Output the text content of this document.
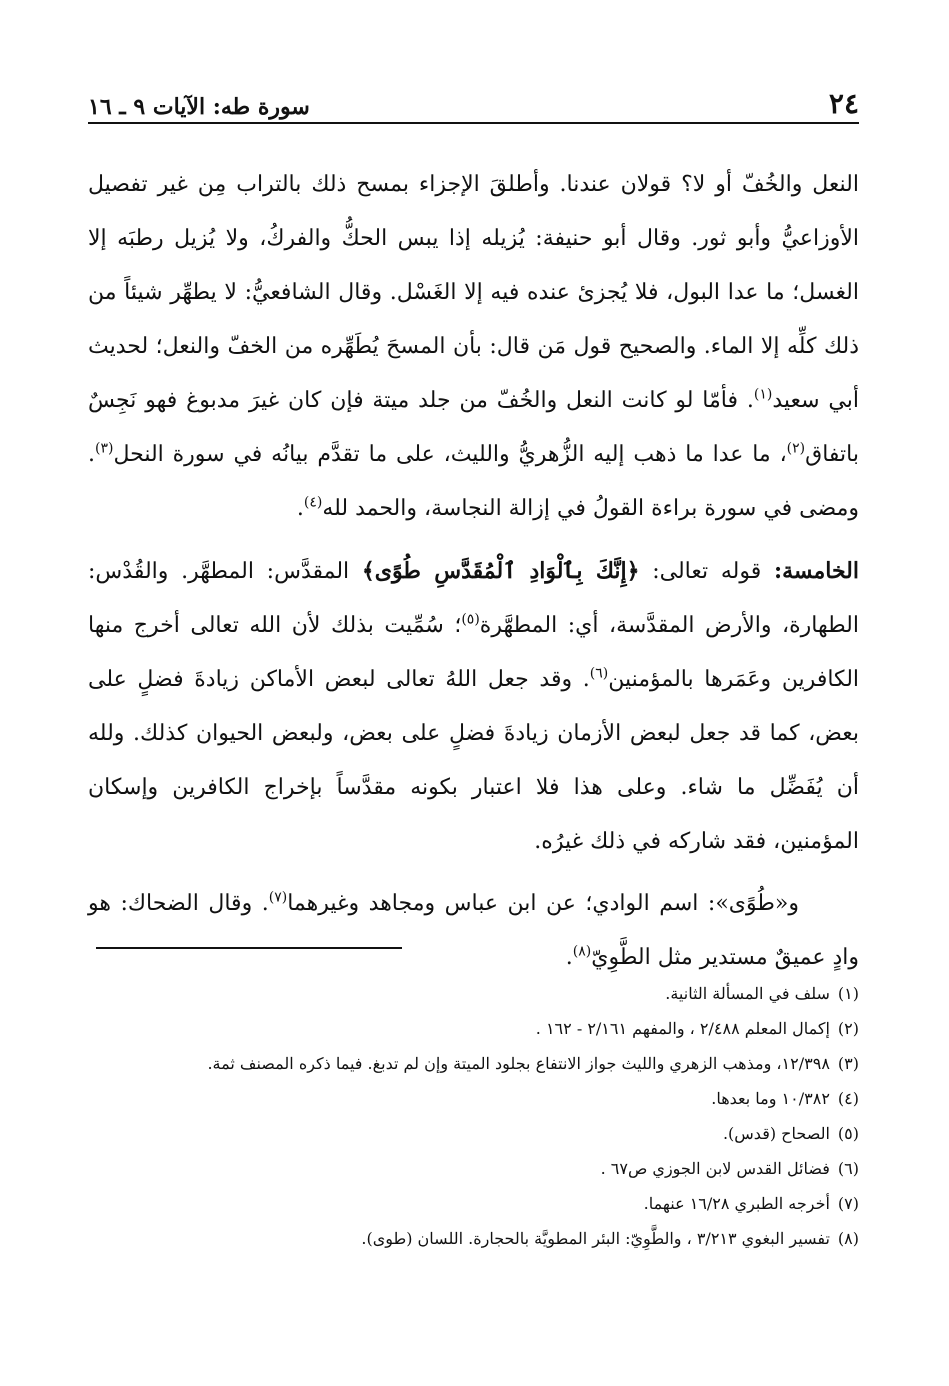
٢٤
سورة طه: الآيات ٩ ـ ١٦

النعل والخُفّ أو لا؟ قولان عندنا. وأطلقَ الإجزاء بمسح ذلك بالتراب مِن غير تفصيل الأوزاعيُّ وأبو ثور. وقال أبو حنيفة: يُزيله إذا يبس الحكُّ والفركُ، ولا يُزيل رطبَه إلا الغسل؛ ما عدا البول، فلا يُجزئ عنده فيه إلا الغَسْل. وقال الشافعيُّ: لا يطهِّر شيئاً من ذلك كلِّه إلا الماء. والصحيح قول مَن قال: بأن المسحَ يُطَهِّره من الخفّ والنعل؛ لحديث أبي سعيد$^{(١)}$. فأمّا لو كانت النعل والخُفّ من جلد ميتة فإن كان غيرَ مدبوغ فهو نَجِسٌ باتفاق$^{(٢)}$، ما عدا ما ذهب إليه الزُّهريُّ والليث، على ما تقدَّم بيانُه في سورة النحل$^{(٣)}$. ومضى في سورة براءة القولُ في إزالة النجاسة، والحمد لله$^{(٤)}$.

الخامسة: قوله تعالى: ﴿إِنَّكَ بِٱلْوَادِ ٱلْمُقَدَّسِ طُوًى﴾ المقدَّس: المطهَّر. والقُدْس: الطهارة، والأرض المقدَّسة، أي: المطهَّرة$^{(٥)}$؛ سُمِّيت بذلك لأن الله تعالى أخرج منها الكافرين وعَمَرها بالمؤمنين$^{(٦)}$. وقد جعل اللهُ تعالى لبعض الأماكن زيادةَ فضلٍ على بعض، كما قد جعل لبعض الأزمان زيادةَ فضلٍ على بعض، ولبعض الحيوان كذلك. ولله أن يُفَضِّل ما شاء. وعلى هذا فلا اعتبار بكونه مقدَّساً بإخراج الكافرين وإسكان المؤمنين، فقد شاركه في ذلك غيرُه.

و«طُوًى»: اسم الوادي؛ عن ابن عباس ومجاهد وغيرهما$^{(٧)}$. وقال الضحاك: هو وادٍ عميقٌ مستدير مثل الطَّوِيّ$^{(٨)}$.

(١)سلف في المسألة الثانية.
(٢)إكمال المعلم ٢/٤٨٨ ، والمفهم ٢/١٦١ - ١٦٢ .
(٣)١٢/٣٩٨، ومذهب الزهري والليث جواز الانتفاع بجلود الميتة وإن لم تدبغ. فيما ذكره المصنف ثمة.
(٤)١٠/٣٨٢ وما بعدها.
(٥)الصحاح (قدس).
(٦)فضائل القدس لابن الجوزي ص٦٧ .
(٧)أخرجه الطبري ١٦/٢٨ عنهما.
(٨)تفسير البغوي ٣/٢١٣ ، والطَّوِيّ: البئر المطويَّة بالحجارة. اللسان (طوى).
